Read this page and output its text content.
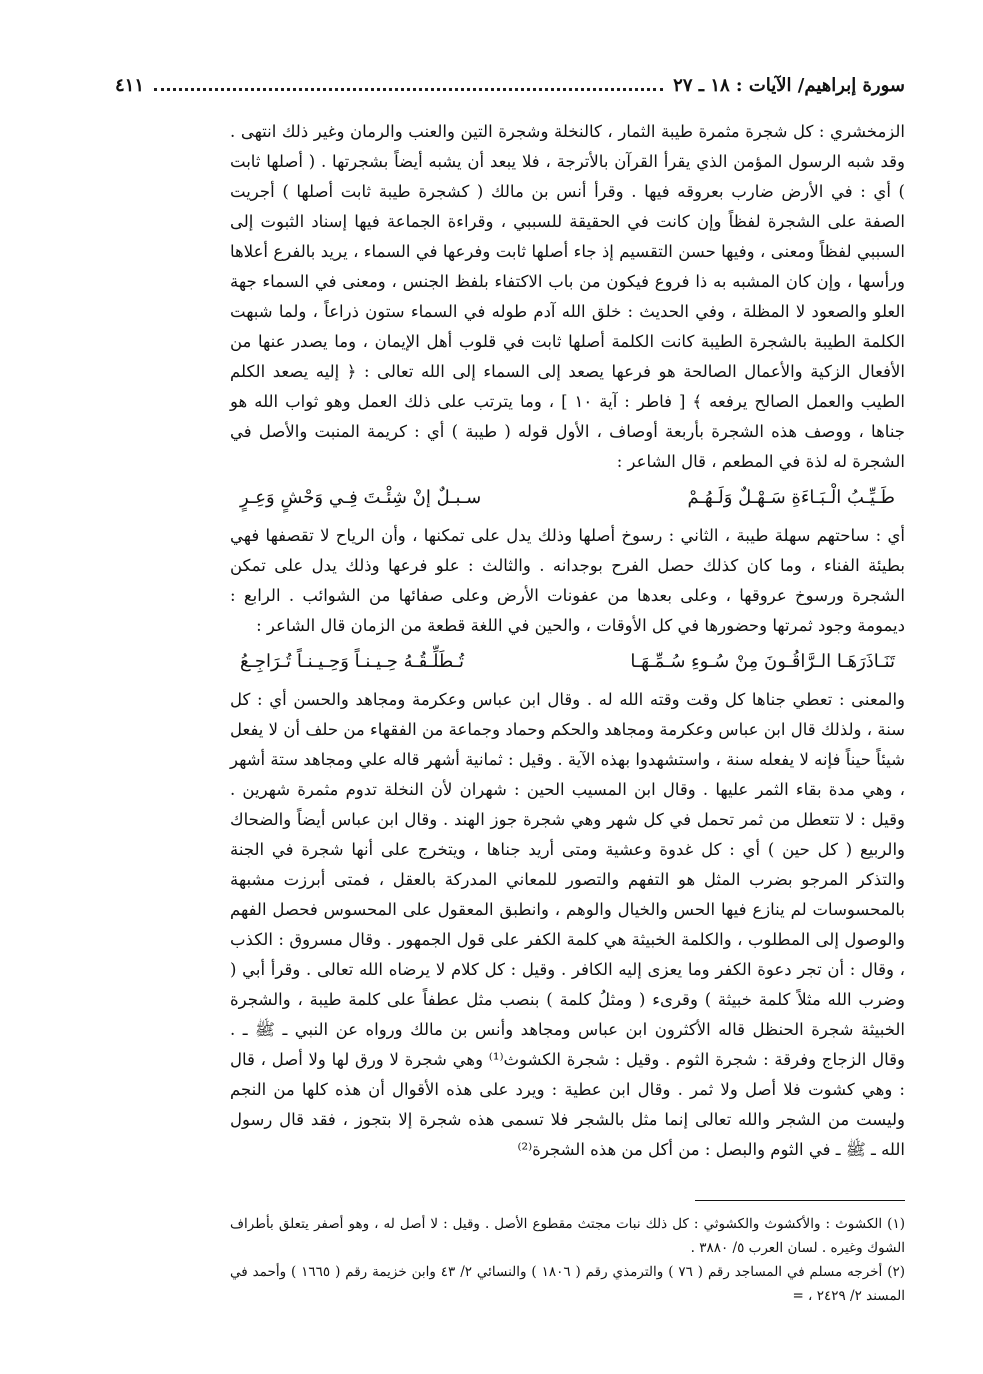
سورة إبراهيم/ الآيات : ١٨ ـ ٢٧
٤١١

الزمخشري : كل شجرة مثمرة طيبة الثمار ، كالنخلة وشجرة التين والعنب والرمان وغير ذلك انتهى . وقد شبه الرسول المؤمن الذي يقرأ القرآن بالأترجة ، فلا يبعد أن يشبه أيضاً بشجرتها . ( أصلها ثابت ) أي : في الأرض ضارب بعروقه فيها . وقرأ أنس بن مالك ( كشجرة طيبة ثابت أصلها ) أجريت الصفة على الشجرة لفظاً وإن كانت في الحقيقة للسببي ، وقراءة الجماعة فيها إسناد الثبوت إلى السببي لفظاً ومعنى ، وفيها حسن التقسيم إذ جاء أصلها ثابت وفرعها في السماء ، يريد بالفرع أعلاها ورأسها ، وإن كان المشبه به ذا فروع فيكون من باب الاكتفاء بلفظ الجنس ، ومعنى في السماء جهة العلو والصعود لا المظلة ، وفي الحديث : خلق الله آدم طوله في السماء ستون ذراعاً ، ولما شبهت الكلمة الطيبة بالشجرة الطيبة كانت الكلمة أصلها ثابت في قلوب أهل الإيمان ، وما يصدر عنها من الأفعال الزكية والأعمال الصالحة هو فرعها يصعد إلى السماء إلى الله تعالى : ﴿ إليه يصعد الكلم الطيب والعمل الصالح يرفعه ﴾ [ فاطر : آية ١٠ ] ، وما يترتب على ذلك العمل وهو ثواب الله هو جناها ، ووصف هذه الشجرة بأربعة أوصاف ، الأول قوله ( طيبة ) أي : كريمة المنبت والأصل في الشجرة له لذة في المطعم ، قال الشاعر :

طَـيِّـبُ الْـبَـاءَةِ سَـهْـلٌ وَلَـهُـمْ
سـبـلٌ إنْ شِئْـتَ فِـي وَحْشٍ وَعِـرٍ

أي : ساحتهم سهلة طيبة ، الثاني : رسوخ أصلها وذلك يدل على تمكنها ، وأن الرياح لا تقصفها فهي بطيئة الفناء ، وما كان كذلك حصل الفرح بوجدانه . والثالث : علو فرعها وذلك يدل على تمكن الشجرة ورسوخ عروقها ، وعلى بعدها من عفونات الأرض وعلى صفائها من الشوائب . الرابع : ديمومة وجود ثمرتها وحضورها في كل الأوقات ، والحين في اللغة قطعة من الزمان قال الشاعر :

تَنَـاذَرَهَـا الـرَّاقُـونَ مِنْ سُـوءِ سُـمِّـهَـا
تُـطَلِّـقُـهُ حِـيـنـاً وَحِـيـنـاً تُـرَاجِـعُ

والمعنى : تعطي جناها كل وقت وقته الله له . وقال ابن عباس وعكرمة ومجاهد والحسن أي : كل سنة ، ولذلك قال ابن عباس وعكرمة ومجاهد والحكم وحماد وجماعة من الفقهاء من حلف أن لا يفعل شيئاً حيناً فإنه لا يفعله سنة ، واستشهدوا بهذه الآية . وقيل : ثمانية أشهر قاله علي ومجاهد ستة أشهر ، وهي مدة بقاء الثمر عليها . وقال ابن المسيب الحين : شهران لأن النخلة تدوم مثمرة شهرين . وقيل : لا تتعطل من ثمر تحمل في كل شهر وهي شجرة جوز الهند . وقال ابن عباس أيضاً والضحاك والربيع ( كل حين ) أي : كل غدوة وعشية ومتى أريد جناها ، ويتخرج على أنها شجرة في الجنة والتذكر المرجو بضرب المثل هو التفهم والتصور للمعاني المدركة بالعقل ، فمتى أبرزت مشبهة بالمحسوسات لم ينازع فيها الحس والخيال والوهم ، وانطبق المعقول على المحسوس فحصل الفهم والوصول إلى المطلوب ، والكلمة الخبيثة هي كلمة الكفر على قول الجمهور . وقال مسروق : الكذب ، وقال : أن تجر دعوة الكفر وما يعزى إليه الكافر . وقيل : كل كلام لا يرضاه الله تعالى . وقرأ أبي ( وضرب الله مثلاً كلمة خبيثة ) وقرىء ( ومثلُ كلمة ) بنصب مثل عطفاً على كلمة طيبة ، والشجرة الخبيثة شجرة الحنظل قاله الأكثرون ابن عباس ومجاهد وأنس بن مالك ورواه عن النبي ـ ﷺ ـ . وقال الزجاج وفرقة : شجرة الثوم . وقيل : شجرة الكشوث⁽¹⁾ وهي شجرة لا ورق لها ولا أصل ، قال : وهي كشوت فلا أصل ولا ثمر . وقال ابن عطية : ويرد على هذه الأقوال أن هذه كلها من النجم وليست من الشجر والله تعالى إنما مثل بالشجر فلا تسمى هذه شجرة إلا بتجوز ، فقد قال رسول الله ـ ﷺ ـ في الثوم والبصل : من أكل من هذه الشجرة⁽²⁾

(١) الكشوث : والأكشوث والكشوثي : كل ذلك نبات مجتث مقطوع الأصل . وقيل : لا أصل له ، وهو أصفر يتعلق بأطراف الشوك وغيره . لسان العرب ٥/ ٣٨٨٠ .

(٢) أخرجه مسلم في المساجد رقم ( ٧٦ ) والترمذي رقم ( ١٨٠٦ ) والنسائي ٢/ ٤٣ وابن خزيمة رقم ( ١٦٦٥ ) وأحمد في المسند ٢/ ٢٤٢٩ ، =
